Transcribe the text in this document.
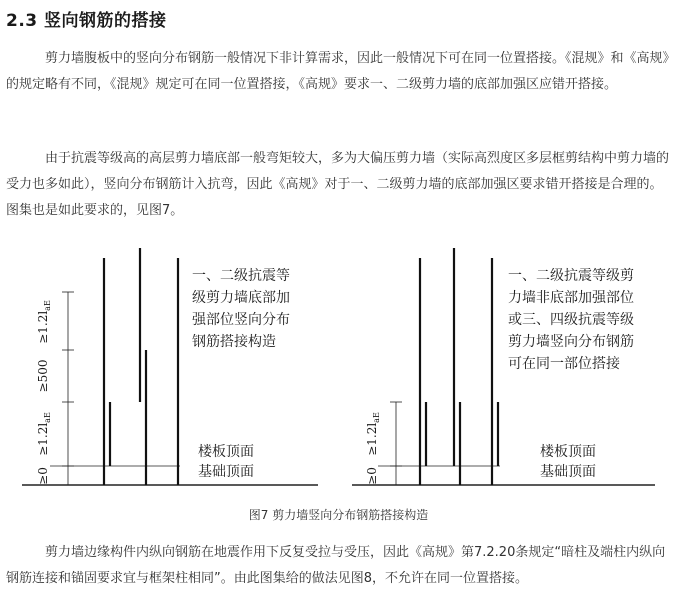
2.3 竖向钢筋的搭接

剪力墙腹板中的竖向分布钢筋一般情况下非计算需求，因此一般情况下可在同一位置搭接。《混规》和《高规》的规定略有不同，《混规》规定可在同一位置搭接，《高规》要求一、二级剪力墙的底部加强区应错开搭接。

由于抗震等级高的高层剪力墙底部一般弯矩较大，多为大偏压剪力墙（实际高烈度区多层框剪结构中剪力墙的受力也多如此），竖向分布钢筋计入抗弯，因此《高规》对于一、二级剪力墙的底部加强区要求错开搭接是合理的。图集也是如此要求的，见图7。

$\ge 1.2l_{aE}$
≥500
$\ge 1.2l_{aE}$
≥0
一、二级抗震等
级剪力墙底部加
强部位竖向分布
钢筋搭接构造
楼板顶面
基础顶面
$\ge 1.2l_{aE}$
≥0
一、二级抗震等级剪
力墙非底部加强部位
或三、四级抗震等级
剪力墙竖向分布钢筋
可在同一部位搭接
楼板顶面
基础顶面
图7 剪力墙竖向分布钢筋搭接构造

剪力墙边缘构件内纵向钢筋在地震作用下反复受拉与受压，因此《高规》第7.2.20条规定“暗柱及端柱内纵向钢筋连接和锚固要求宜与框架柱相同”。由此图集给的做法见图8，不允许在同一位置搭接。
